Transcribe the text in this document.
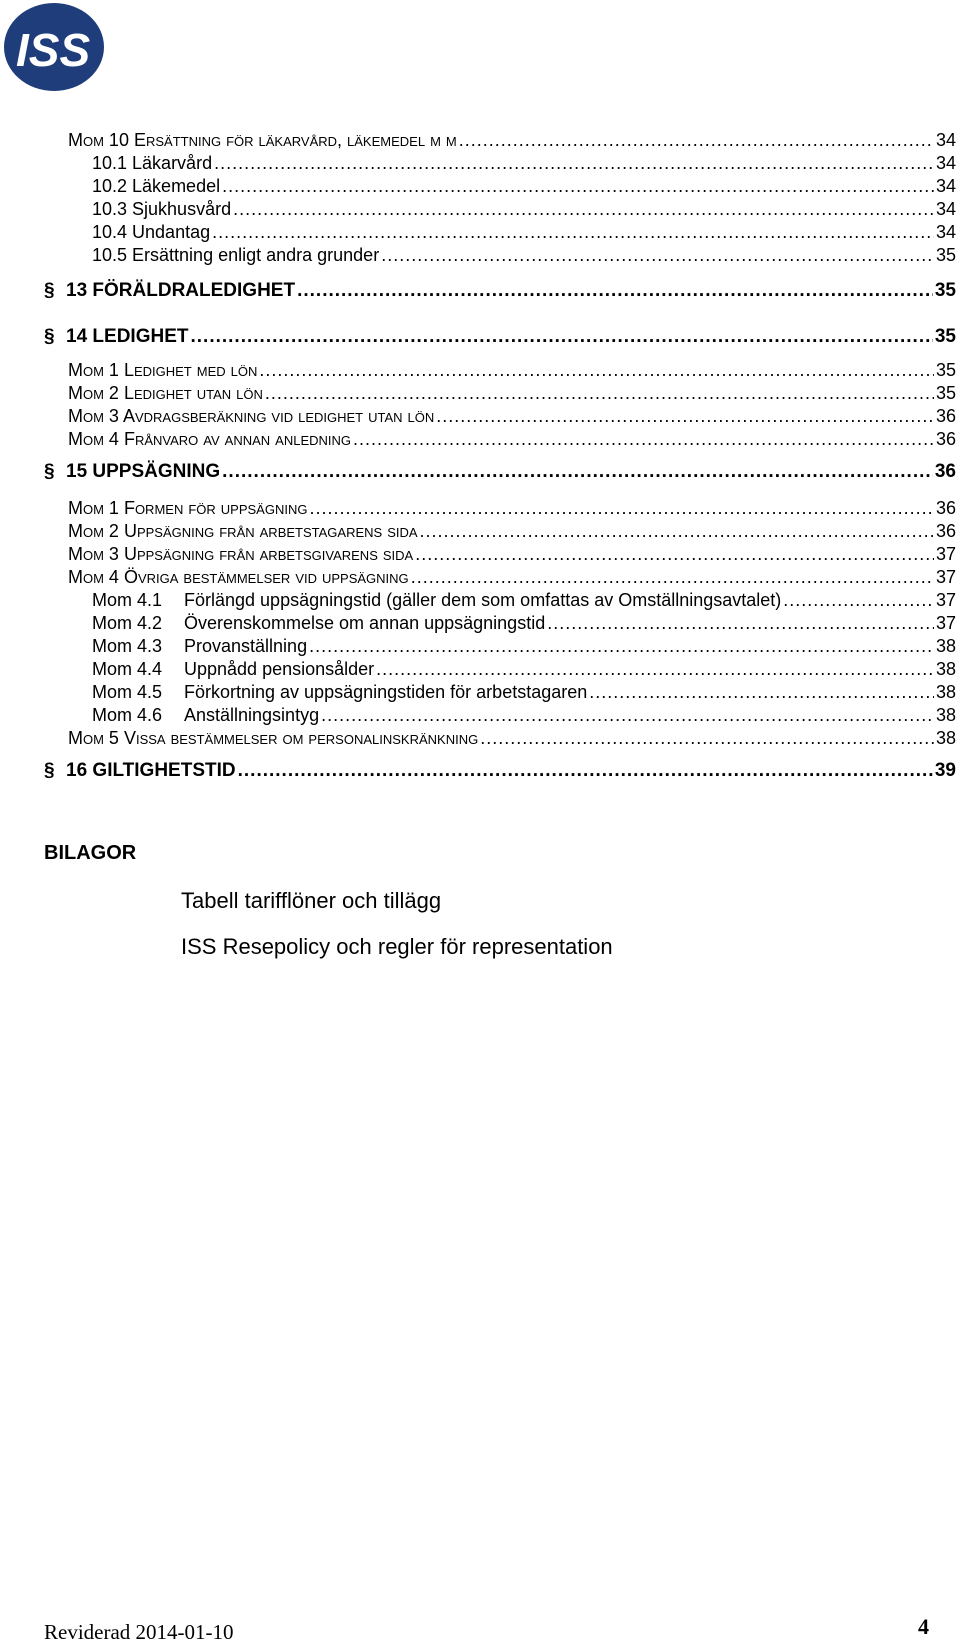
ISS
Mom 10 Ersättning för läkarvård, läkemedel m m .....	34
10.1 Läkarvård .....	34
10.2 Läkemedel .....	34
10.3 Sjukhusvård .....	34
10.4 Undantag .....	34
10.5 Ersättning enligt andra grunder .....	35
§ 13 FÖRÄLDRALEDIGHET .....	35
§ 14 LEDIGHET .....	35
Mom 1 Ledighet med lön .....	35
Mom 2 Ledighet utan lön .....	35
Mom 3 Avdragsberäkning vid ledighet utan lön .....	36
Mom 4 Frånvaro av annan anledning .....	36
§ 15 UPPSÄGNING .....	36
Mom 1 Formen för uppsägning .....	36
Mom 2 Uppsägning från arbetstagarens sida .....	36
Mom 3 Uppsägning från arbetsgivarens sida .....	37
Mom 4 Övriga bestämmelser vid uppsägning .....	37
Mom 4.1 Förlängd uppsägningstid (gäller dem som omfattas av Omställningsavtalet) .....	37
Mom 4.2 Överenskommelse om annan uppsägningstid .....	37
Mom 4.3 Provanställning .....	38
Mom 4.4 Uppnådd pensionsålder .....	38
Mom 4.5 Förkortning av uppsägningstiden för arbetstagaren .....	38
Mom 4.6 Anställningsintyg .....	38
Mom 5 Vissa bestämmelser om personalinskränkning .....	38
§ 16 GILTIGHETSTID .....	39
BILAGOR
Tabell tarifflöner och tillägg
ISS Resepolicy och regler för representation
Reviderad 2014-01-10	4
